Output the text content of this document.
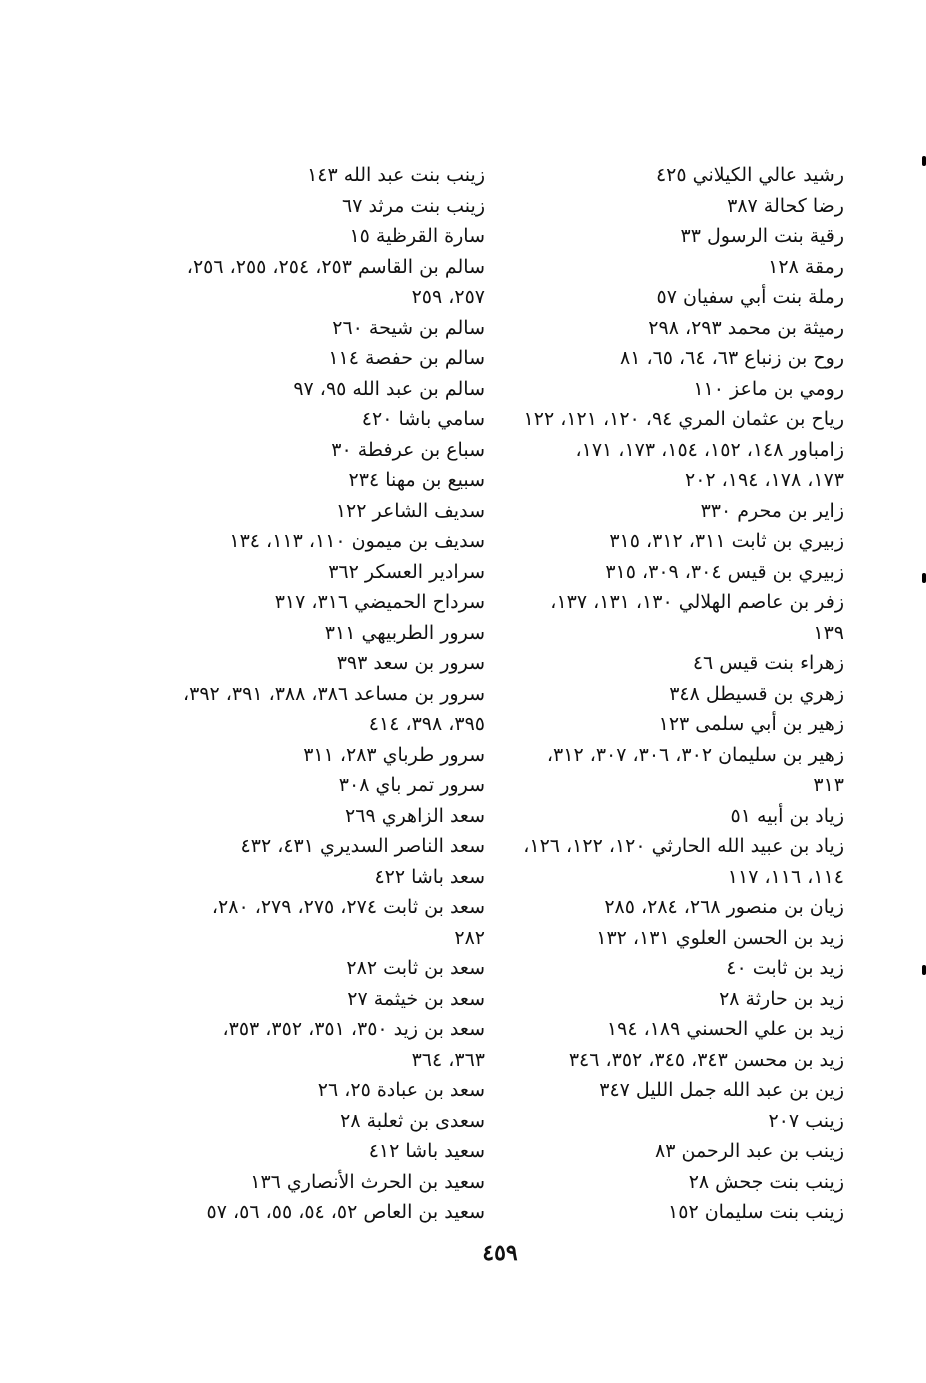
رشيد عالي الكيلاني ٤٢٥
رضا كحالة ٣٨٧
رقية بنت الرسول ٣٣
رمقة ١٢٨
رملة بنت أبي سفيان ٥٧
رميثة بن محمد ٢٩٣، ٢٩٨
روح بن زنباع ٦٣، ٦٤، ٦٥، ٨١
رومي بن ماعز ١١٠
رياح بن عثمان المري ٩٤، ١٢٠، ١٢١، ١٢٢
زامباور ١٤٨، ١٥٢، ١٥٤، ١٧٣، ١٧١،
١٧٣، ١٧٨، ١٩٤، ٢٠٢
زاير بن محرم ٣٣٠
زبيري بن ثابت ٣١١، ٣١٢، ٣١٥
زبيري بن قيس ٣٠٤، ٣٠٩، ٣١٥
زفر بن عاصم الهلالي ١٣٠، ١٣١، ١٣٧،
١٣٩
زهراء بنت قيس ٤٦
زهري بن قسيطل ٣٤٨
زهير بن أبي سلمى ١٢٣
زهير بن سليمان ٣٠٢، ٣٠٦، ٣٠٧، ٣١٢،
٣١٣
زياد بن أبيه ٥١
زياد بن عبيد الله الحارثي ١٢٠، ١٢٢، ١٢٦،
١١٤، ١١٦، ١١٧
زيان بن منصور ٢٦٨، ٢٨٤، ٢٨٥
زيد بن الحسن العلوي ١٣١، ١٣٢
زيد بن ثابت ٤٠
زيد بن حارثة ٢٨
زيد بن علي الحسني ١٨٩، ١٩٤
زيد بن محسن ٣٤٣، ٣٤٥، ٣٥٢، ٣٤٦
زين بن عبد الله جمل الليل ٣٤٧
زينب ٢٠٧
زينب بن عبد الرحمن ٨٣
زينب بنت جحش ٢٨
زينب بنت سليمان ١٥٢
زينب بنت عبد الله ١٤٣
زينب بنت مرثد ٦٧
سارة القرظية ١٥
سالم بن القاسم ٢٥٣، ٢٥٤، ٢٥٥، ٢٥٦،
٢٥٧، ٢٥٩
سالم بن شيحة ٢٦٠
سالم بن حفصة ١١٤
سالم بن عبد الله ٩٥، ٩٧
سامي باشا ٤٢٠
سباع بن عرفطة ٣٠
سبيع بن مهنا ٢٣٤
سديف الشاعر ١٢٢
سديف بن ميمون ١١٠، ١١٣، ١٣٤
سرادير العسكر ٣٦٢
سرداح الحميضي ٣١٦، ٣١٧
سرور الطربيهي ٣١١
سرور بن سعد ٣٩٣
سرور بن مساعد ٣٨٦، ٣٨٨، ٣٩١، ٣٩٢،
٣٩٥، ٣٩٨، ٤١٤
سرور طرباي ٢٨٣، ٣١١
سرور تمر باي ٣٠٨
سعد الزاهري ٢٦٩
سعد الناصر السديري ٤٣١، ٤٣٢
سعد باشا ٤٢٢
سعد بن ثابت ٢٧٤، ٢٧٥، ٢٧٩، ٢٨٠،
٢٨٢
سعد بن ثابت ٢٨٢
سعد بن خيثمة ٢٧
سعد بن زيد ٣٥٠، ٣٥١، ٣٥٢، ٣٥٣،
٣٦٣، ٣٦٤
سعد بن عبادة ٢٥، ٢٦
سعدى بن ثعلبة ٢٨
سعيد باشا ٤١٢
سعيد بن الحرث الأنصاري ١٣٦
سعيد بن العاص ٥٢، ٥٤، ٥٥، ٥٦، ٥٧
٤٥٩
